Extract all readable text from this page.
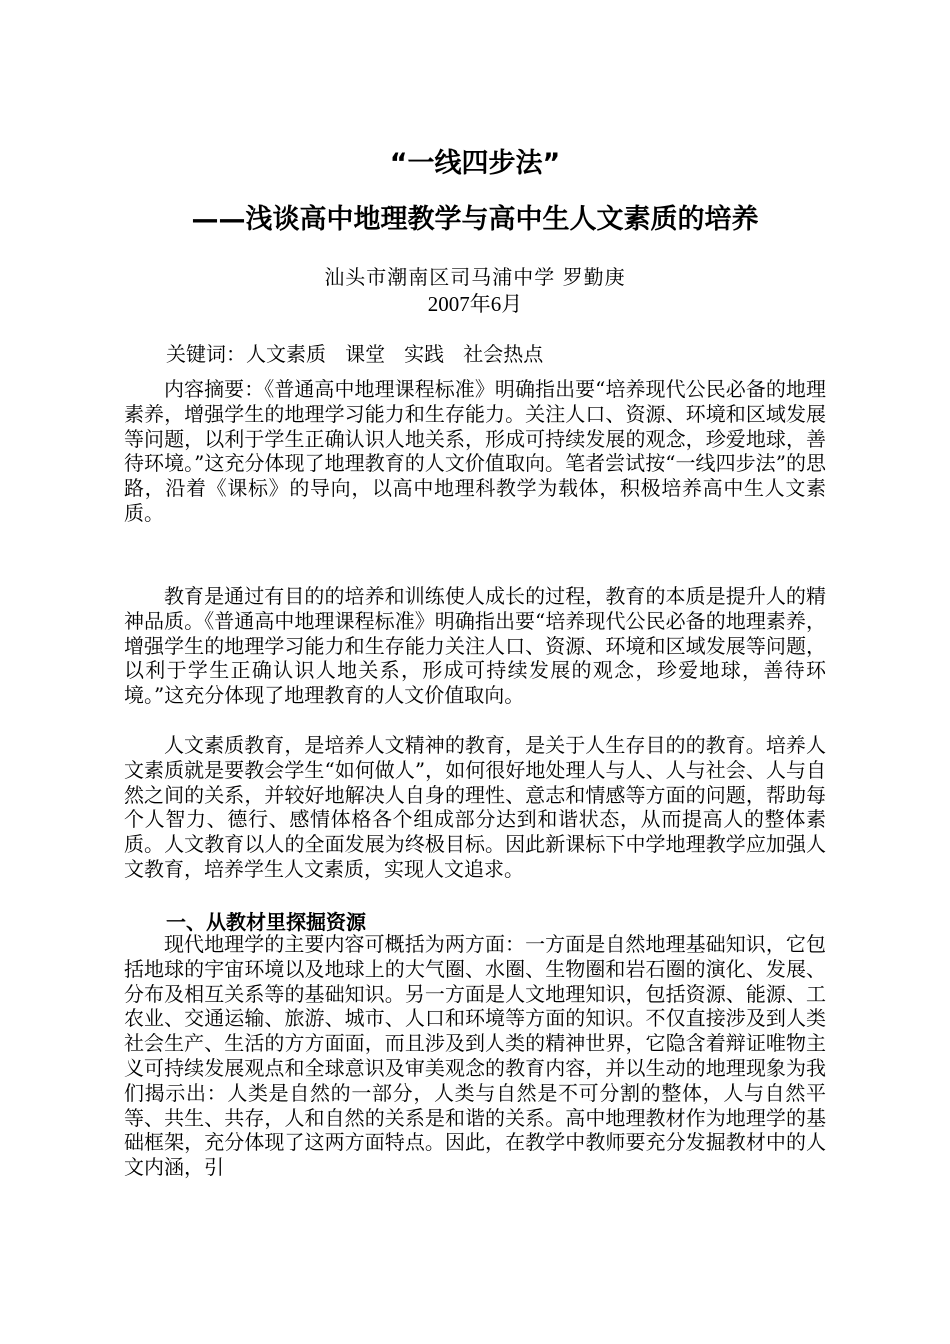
“一线四步法”
——浅谈高中地理教学与高中生人文素质的培养
汕头市潮南区司马浦中学 罗勤庚
2007年6月
关键词：人文素质   课堂   实践   社会热点

内容摘要：《普通高中地理课程标准》明确指出要“培养现代公民必备的地理素养，增强学生的地理学习能力和生存能力。关注人口、资源、环境和区域发展等问题，以利于学生正确认识人地关系，形成可持续发展的观念，珍爱地球，善待环境。”这充分体现了地理教育的人文价值取向。笔者尝试按“一线四步法”的思路，沿着《课标》的导向，以高中地理科教学为载体，积极培养高中生人文素质。

教育是通过有目的的培养和训练使人成长的过程，教育的本质是提升人的精神品质。《普通高中地理课程标准》明确指出要“培养现代公民必备的地理素养，增强学生的地理学习能力和生存能力关注人口、资源、环境和区域发展等问题，以利于学生正确认识人地关系，形成可持续发展的观念，珍爱地球，善待环境。”这充分体现了地理教育的人文价值取向。

人文素质教育，是培养人文精神的教育，是关于人生存目的的教育。培养人文素质就是要教会学生“如何做人”，如何很好地处理人与人、人与社会、人与自然之间的关系，并较好地解决人自身的理性、意志和情感等方面的问题，帮助每个人智力、德行、感情体格各个组成部分达到和谐状态，从而提高人的整体素质。人文教育以人的全面发展为终极目标。因此新课标下中学地理教学应加强人文教育，培养学生人文素质，实现人文追求。

一、从教材里探掘资源

现代地理学的主要内容可概括为两方面：一方面是自然地理基础知识，它包括地球的宇宙环境以及地球上的大气圈、水圈、生物圈和岩石圈的演化、发展、分布及相互关系等的基础知识。另一方面是人文地理知识，包括资源、能源、工农业、交通运输、旅游、城市、人口和环境等方面的知识。不仅直接涉及到人类社会生产、生活的方方面面，而且涉及到人类的精神世界，它隐含着辩证唯物主义可持续发展观点和全球意识及审美观念的教育内容，并以生动的地理现象为我们揭示出：人类是自然的一部分，人类与自然是不可分割的整体，人与自然平等、共生、共存，人和自然的关系是和谐的关系。高中地理教材作为地理学的基础框架，充分体现了这两方面特点。因此，在教学中教师要充分发掘教材中的人文内涵，引
